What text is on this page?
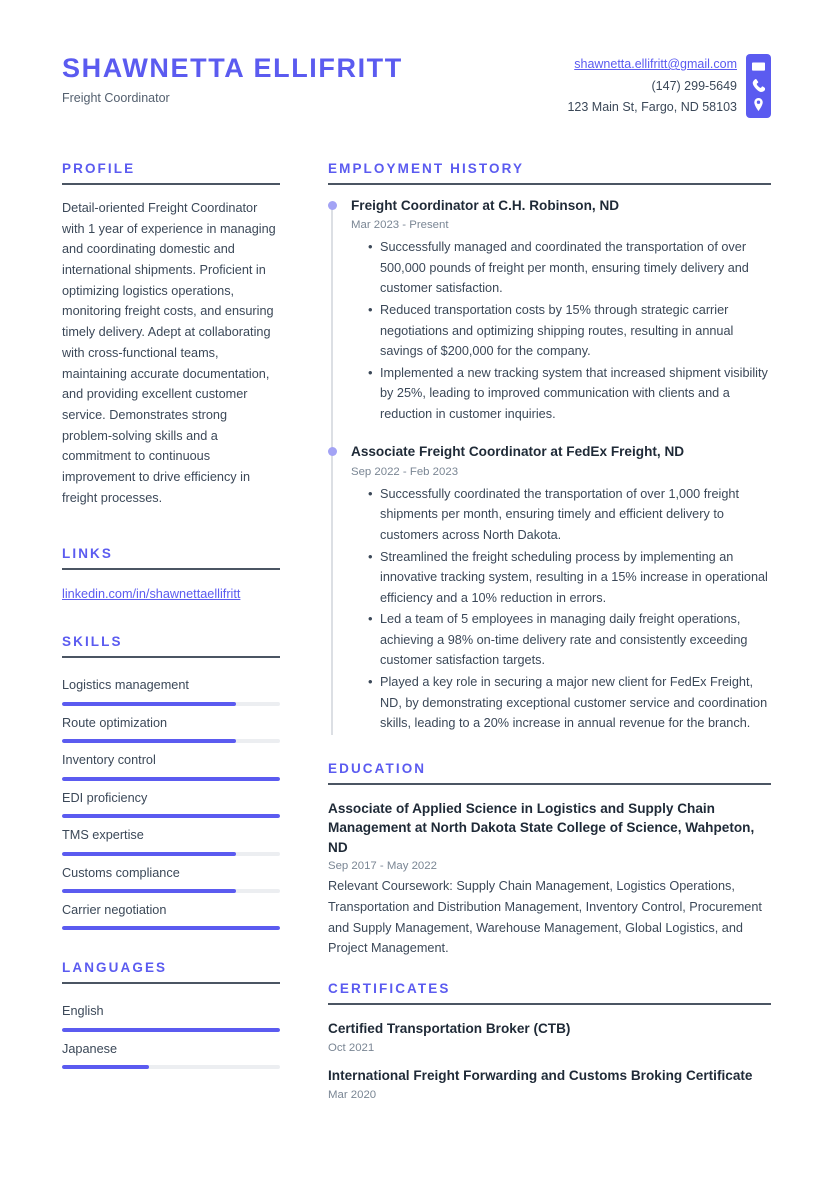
SHAWNETTA ELLIFRITT
Freight Coordinator
shawnetta.ellifritt@gmail.com
(147) 299-5649
123 Main St, Fargo, ND 58103
PROFILE
Detail-oriented Freight Coordinator with 1 year of experience in managing and coordinating domestic and international shipments. Proficient in optimizing logistics operations, monitoring freight costs, and ensuring timely delivery. Adept at collaborating with cross-functional teams, maintaining accurate documentation, and providing excellent customer service. Demonstrates strong problem-solving skills and a commitment to continuous improvement to drive efficiency in freight processes.
LINKS
linkedin.com/in/shawnettaellifritt
SKILLS
Logistics management
Route optimization
Inventory control
EDI proficiency
TMS expertise
Customs compliance
Carrier negotiation
LANGUAGES
English
Japanese
EMPLOYMENT HISTORY
Freight Coordinator at C.H. Robinson, ND
Mar 2023 - Present
• Successfully managed and coordinated the transportation of over 500,000 pounds of freight per month, ensuring timely delivery and customer satisfaction.
• Reduced transportation costs by 15% through strategic carrier negotiations and optimizing shipping routes, resulting in annual savings of $200,000 for the company.
• Implemented a new tracking system that increased shipment visibility by 25%, leading to improved communication with clients and a reduction in customer inquiries.
Associate Freight Coordinator at FedEx Freight, ND
Sep 2022 - Feb 2023
• Successfully coordinated the transportation of over 1,000 freight shipments per month, ensuring timely and efficient delivery to customers across North Dakota.
• Streamlined the freight scheduling process by implementing an innovative tracking system, resulting in a 15% increase in operational efficiency and a 10% reduction in errors.
• Led a team of 5 employees in managing daily freight operations, achieving a 98% on-time delivery rate and consistently exceeding customer satisfaction targets.
• Played a key role in securing a major new client for FedEx Freight, ND, by demonstrating exceptional customer service and coordination skills, leading to a 20% increase in annual revenue for the branch.
EDUCATION
Associate of Applied Science in Logistics and Supply Chain Management at North Dakota State College of Science, Wahpeton, ND
Sep 2017 - May 2022
Relevant Coursework: Supply Chain Management, Logistics Operations, Transportation and Distribution Management, Inventory Control, Procurement and Supply Management, Warehouse Management, Global Logistics, and Project Management.
CERTIFICATES
Certified Transportation Broker (CTB)
Oct 2021
International Freight Forwarding and Customs Broking Certificate
Mar 2020
